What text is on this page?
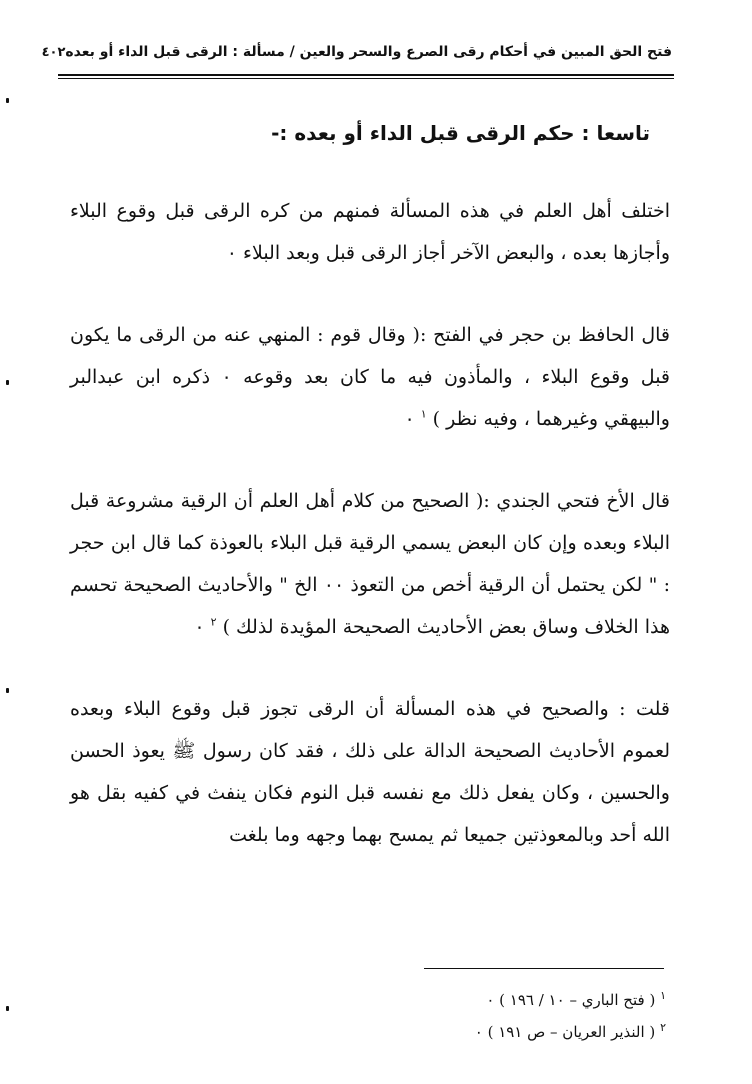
فتح الحق المبين في أحكام رقى الصرع والسحر والعين / مسألة : الرقى قبل الداء أو بعده
٤٠٢
تاسعا : حكم الرقى قبل الداء أو بعده :-

اختلف أهل العلم في هذه المسألة فمنهم من كره الرقى قبل وقوع البلاء وأجازها بعده ، والبعض الآخر أجاز الرقى قبل وبعد البلاء ٠

قال الحافظ بن حجر في الفتح :( وقال قوم : المنهي عنه من الرقى ما يكون قبل وقوع البلاء ، والمأذون فيه ما كان بعد وقوعه ٠ ذكره ابن عبدالبر والبيهقي وغيرهما ، وفيه نظر ) $^١$ ٠

قال الأخ فتحي الجندي :( الصحيح من كلام أهل العلم أن الرقية مشروعة قبل البلاء وبعده وإن كان البعض يسمي الرقية قبل البلاء بالعوذة كما قال ابن حجر : " لكن يحتمل أن الرقية أخص من التعوذ ٠٠ الخ " والأحاديث الصحيحة تحسم هذا الخلاف وساق بعض الأحاديث الصحيحة المؤيدة لذلك ) $^٢$ ٠

قلت : والصحيح في هذه المسألة أن الرقى تجوز قبل وقوع البلاء وبعده لعموم الأحاديث الصحيحة الدالة على ذلك ، فقد كان رسول ﷺ يعوذ الحسن والحسين ، وكان يفعل ذلك مع نفسه قبل النوم فكان ينفث في كفيه بقل هو الله أحد وبالمعوذتين جميعا ثم يمسح بهما وجهه وما بلغت

$^١$ ( فتح الباري – ١٠ / ١٩٦ ) ٠

$^٢$ ( النذير العريان – ص ١٩١ ) ٠
